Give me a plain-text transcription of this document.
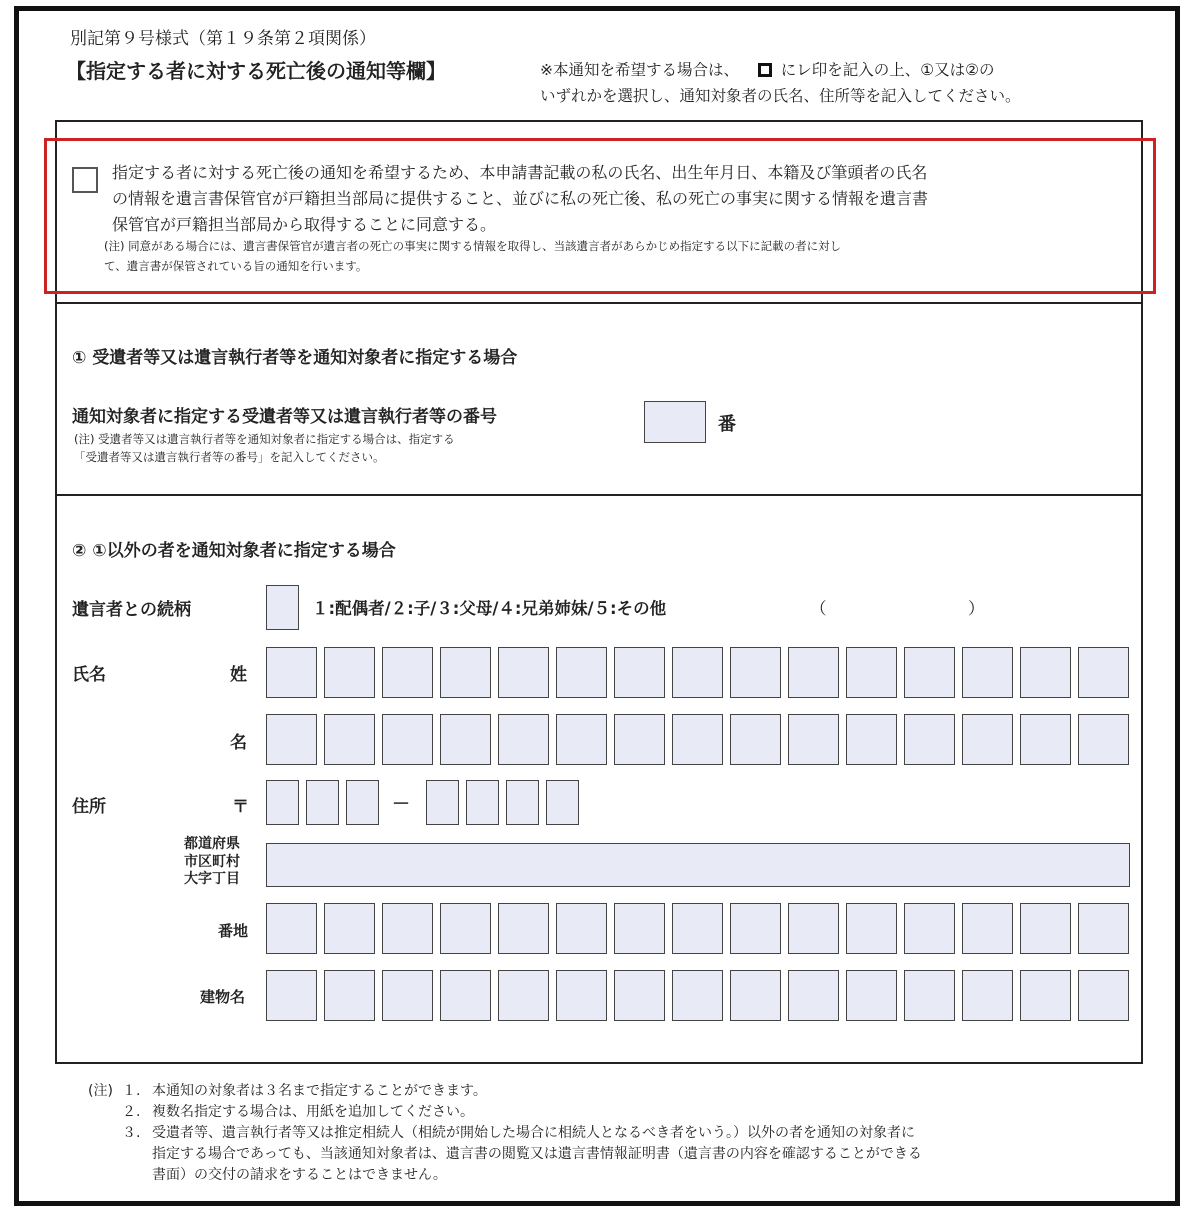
別記第９号様式（第１９条第２項関係）
【指定する者に対する死亡後の通知等欄】	※本通知を希望する場合は、	にレ印を記入の上、①又は②の
いずれかを選択し、通知対象者の氏名、住所等を記入してください。
指定する者に対する死亡後の通知を希望するため、本申請書記載の私の氏名、出生年月日、本籍及び筆頭者の氏名
の情報を遺言書保管官が戸籍担当部局に提供すること、並びに私の死亡後、私の死亡の事実に関する情報を遺言書
保管官が戸籍担当部局から取得することに同意する。
(注) 同意がある場合には、遺言書保管官が遺言者の死亡の事実に関する情報を取得し、当該遺言者があらかじめ指定する以下に記載の者に対し
て、遺言書が保管されている旨の通知を行います。
① 受遺者等又は遺言執行者等を通知対象者に指定する場合
通知対象者に指定する受遺者等又は遺言執行者等の番号
(注) 受遺者等又は遺言執行者等を通知対象者に指定する場合は、指定する
「受遺者等又は遺言執行者等の番号」を記入してください。
番
② ①以外の者を通知対象者に指定する場合
遺言者との続柄	１:配偶者/２:子/３:父母/４:兄弟姉妹/５:その他	（	）
氏名	姓
名
住所	〒	－
都道府県
市区町村
大字丁目
番地
建物名
(注) １. 本通知の対象者は３名まで指定することができます。
２. 複数名指定する場合は、用紙を追加してください。
３. 受遺者等、遺言執行者等又は推定相続人（相続が開始した場合に相続人となるべき者をいう。）以外の者を通知の対象者に
指定する場合であっても、当該通知対象者は、遺言書の閲覧又は遺言書情報証明書（遺言書の内容を確認することができる
書面）の交付の請求をすることはできません。
